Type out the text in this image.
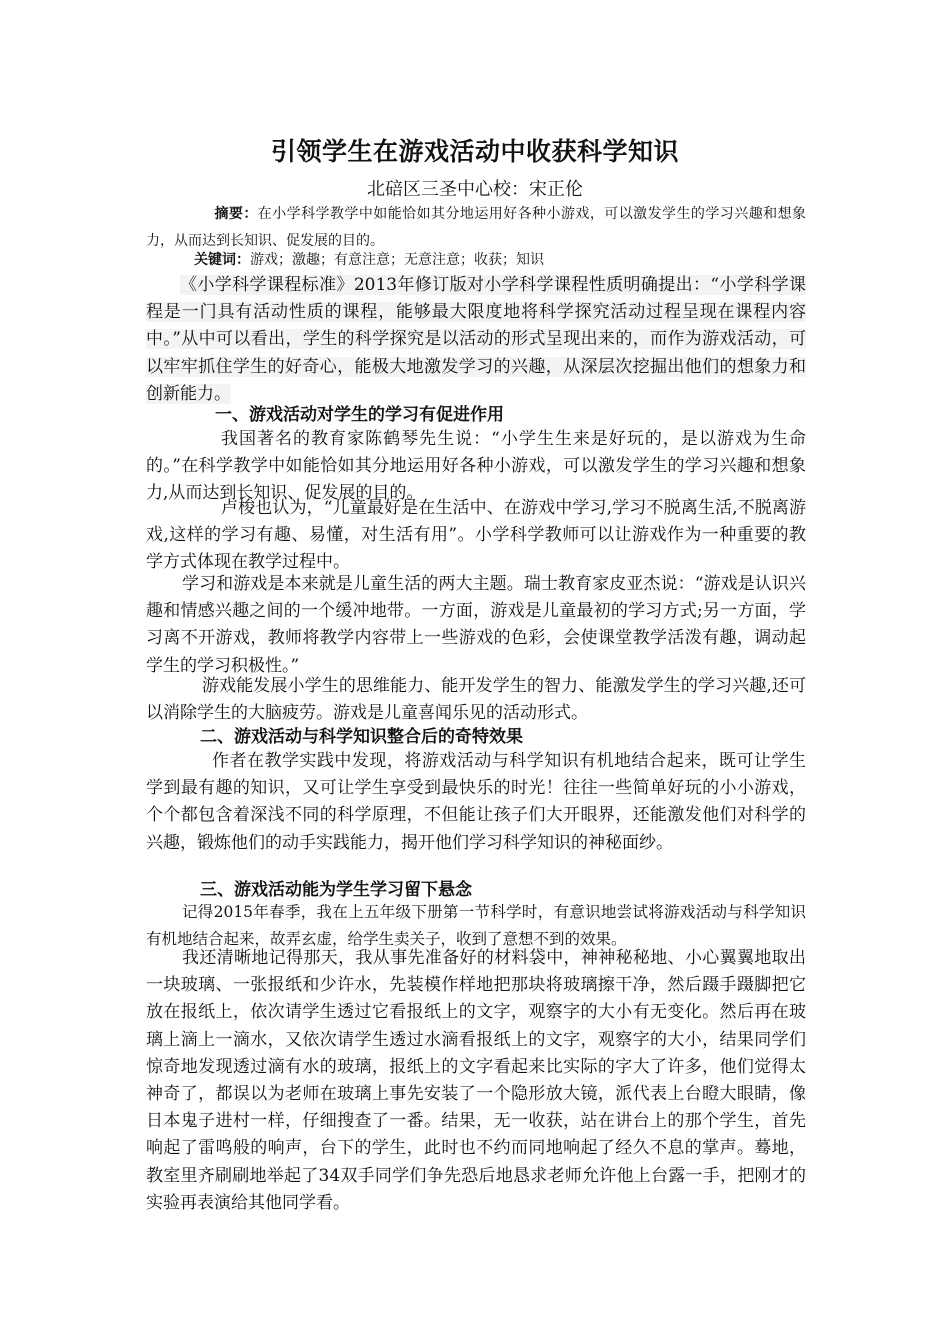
引领学生在游戏活动中收获科学知识
北碚区三圣中心校：宋正伦

摘要：在小学科学教学中如能恰如其分地运用好各种小游戏，可以激发学生的学习兴趣和想象力，从而达到长知识、促发展的目的。

关键词：游戏；激趣；有意注意；无意注意；收获；知识

《小学科学课程标准》2013年修订版对小学科学课程性质明确提出：“小学科学课程是一门具有活动性质的课程，能够最大限度地将科学探究活动过程呈现在课程内容中。”从中可以看出，学生的科学探究是以活动的形式呈现出来的，而作为游戏活动，可以牢牢抓住学生的好奇心，能极大地激发学习的兴趣，从深层次挖掘出他们的想象力和创新能力。

一、游戏活动对学生的学习有促进作用

我国著名的教育家陈鹤琴先生说：“小学生生来是好玩的，是以游戏为生命的。”在科学教学中如能恰如其分地运用好各种小游戏，可以激发学生的学习兴趣和想象力,从而达到长知识、促发展的目的。

卢梭也认为，“儿童最好是在生活中、在游戏中学习,学习不脱离生活,不脱离游戏,这样的学习有趣、易懂，对生活有用”。小学科学教师可以让游戏作为一种重要的教学方式体现在教学过程中。

学习和游戏是本来就是儿童生活的两大主题。瑞士教育家皮亚杰说：“游戏是认识兴趣和情感兴趣之间的一个缓冲地带。一方面，游戏是儿童最初的学习方式;另一方面，学习离不开游戏，教师将教学内容带上一些游戏的色彩，会使课堂教学活泼有趣，调动起学生的学习积极性。”

游戏能发展小学生的思维能力、能开发学生的智力、能激发学生的学习兴趣,还可以消除学生的大脑疲劳。游戏是儿童喜闻乐见的活动形式。

二、游戏活动与科学知识整合后的奇特效果

作者在教学实践中发现，将游戏活动与科学知识有机地结合起来，既可让学生学到最有趣的知识，又可让学生享受到最快乐的时光！往往一些简单好玩的小小游戏，个个都包含着深浅不同的科学原理，不但能让孩子们大开眼界，还能激发他们对科学的兴趣，锻炼他们的动手实践能力，揭开他们学习科学知识的神秘面纱。

三、游戏活动能为学生学习留下悬念

记得2015年春季，我在上五年级下册第一节科学时，有意识地尝试将游戏活动与科学知识有机地结合起来，故弄玄虚，给学生卖关子，收到了意想不到的效果。

我还清晰地记得那天，我从事先准备好的材料袋中，神神秘秘地、小心翼翼地取出一块玻璃、一张报纸和少许水，先装模作样地把那块将玻璃擦干净，然后蹑手蹑脚把它放在报纸上，依次请学生透过它看报纸上的文字，观察字的大小有无变化。然后再在玻璃上滴上一滴水，又依次请学生透过水滴看报纸上的文字，观察字的大小，结果同学们惊奇地发现透过滴有水的玻璃，报纸上的文字看起来比实际的字大了许多，他们觉得太神奇了，都误以为老师在玻璃上事先安装了一个隐形放大镜，派代表上台瞪大眼睛，像日本鬼子进村一样，仔细搜查了一番。结果，无一收获，站在讲台上的那个学生，首先响起了雷鸣般的响声，台下的学生，此时也不约而同地响起了经久不息的掌声。蓦地，教室里齐刷刷地举起了34双手同学们争先恐后地恳求老师允许他上台露一手，把刚才的实验再表演给其他同学看。
